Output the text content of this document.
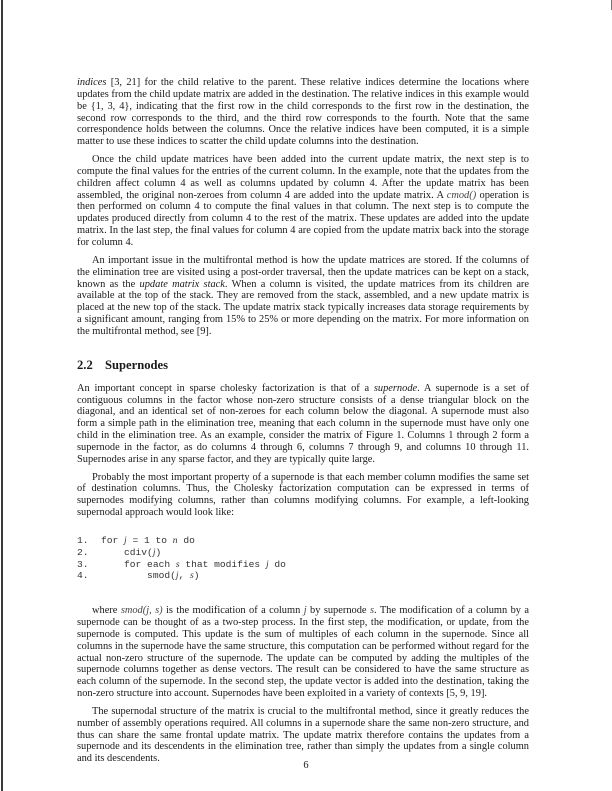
indices [3, 21] for the child relative to the parent. These relative indices determine the locations where updates from the child update matrix are added in the destination. The relative indices in this example would be {1, 3, 4}, indicating that the first row in the child corresponds to the first row in the destination, the second row corresponds to the third, and the third row corresponds to the fourth. Note that the same correspondence holds between the columns. Once the relative indices have been computed, it is a simple matter to use these indices to scatter the child update columns into the destination.

Once the child update matrices have been added into the current update matrix, the next step is to compute the final values for the entries of the current column. In the example, note that the updates from the children affect column 4 as well as columns updated by column 4. After the update matrix has been assembled, the original non-zeroes from column 4 are added into the update matrix. A cmod() operation is then performed on column 4 to compute the final values in that column. The next step is to compute the updates produced directly from column 4 to the rest of the matrix. These updates are added into the update matrix. In the last step, the final values for column 4 are copied from the update matrix back into the storage for column 4.

An important issue in the multifrontal method is how the update matrices are stored. If the columns of the elimination tree are visited using a post-order traversal, then the update matrices can be kept on a stack, known as the update matrix stack. When a column is visited, the update matrices from its children are available at the top of the stack. They are removed from the stack, assembled, and a new update matrix is placed at the new top of the stack. The update matrix stack typically increases data storage requirements by a significant amount, ranging from 15% to 25% or more depending on the matrix. For more information on the multifrontal method, see [9].

2.2 Supernodes

An important concept in sparse cholesky factorization is that of a supernode. A supernode is a set of contiguous columns in the factor whose non-zero structure consists of a dense triangular block on the diagonal, and an identical set of non-zeroes for each column below the diagonal. A supernode must also form a simple path in the elimination tree, meaning that each column in the supernode must have only one child in the elimination tree. As an example, consider the matrix of Figure 1. Columns 1 through 2 form a supernode in the factor, as do columns 4 through 6, columns 7 through 9, and columns 10 through 11. Supernodes arise in any sparse factor, and they are typically quite large.

Probably the most important property of a supernode is that each member column modifies the same set of destination columns. Thus, the Cholesky factorization computation can be expressed in terms of supernodes modifying columns, rather than columns modifying columns. For example, a left-looking supernodal approach would look like:

1. for j = 1 to n do
2.    cdiv(j)
3.    for each s that modifies j do
4.        smod(j, s)

where smod(j, s) is the modification of a column j by supernode s. The modification of a column by a supernode can be thought of as a two-step process. In the first step, the modification, or update, from the supernode is computed. This update is the sum of multiples of each column in the supernode. Since all columns in the supernode have the same structure, this computation can be performed without regard for the actual non-zero structure of the supernode. The update can be computed by adding the multiples of the supernode columns together as dense vectors. The result can be considered to have the same structure as each column of the supernode. In the second step, the update vector is added into the destination, taking the non-zero structure into account. Supernodes have been exploited in a variety of contexts [5, 9, 19].

The supernodal structure of the matrix is crucial to the multifrontal method, since it greatly reduces the number of assembly operations required. All columns in a supernode share the same non-zero structure, and thus can share the same frontal update matrix. The update matrix therefore contains the updates from a supernode and its descendents in the elimination tree, rather than simply the updates from a single column and its descendents.

6
